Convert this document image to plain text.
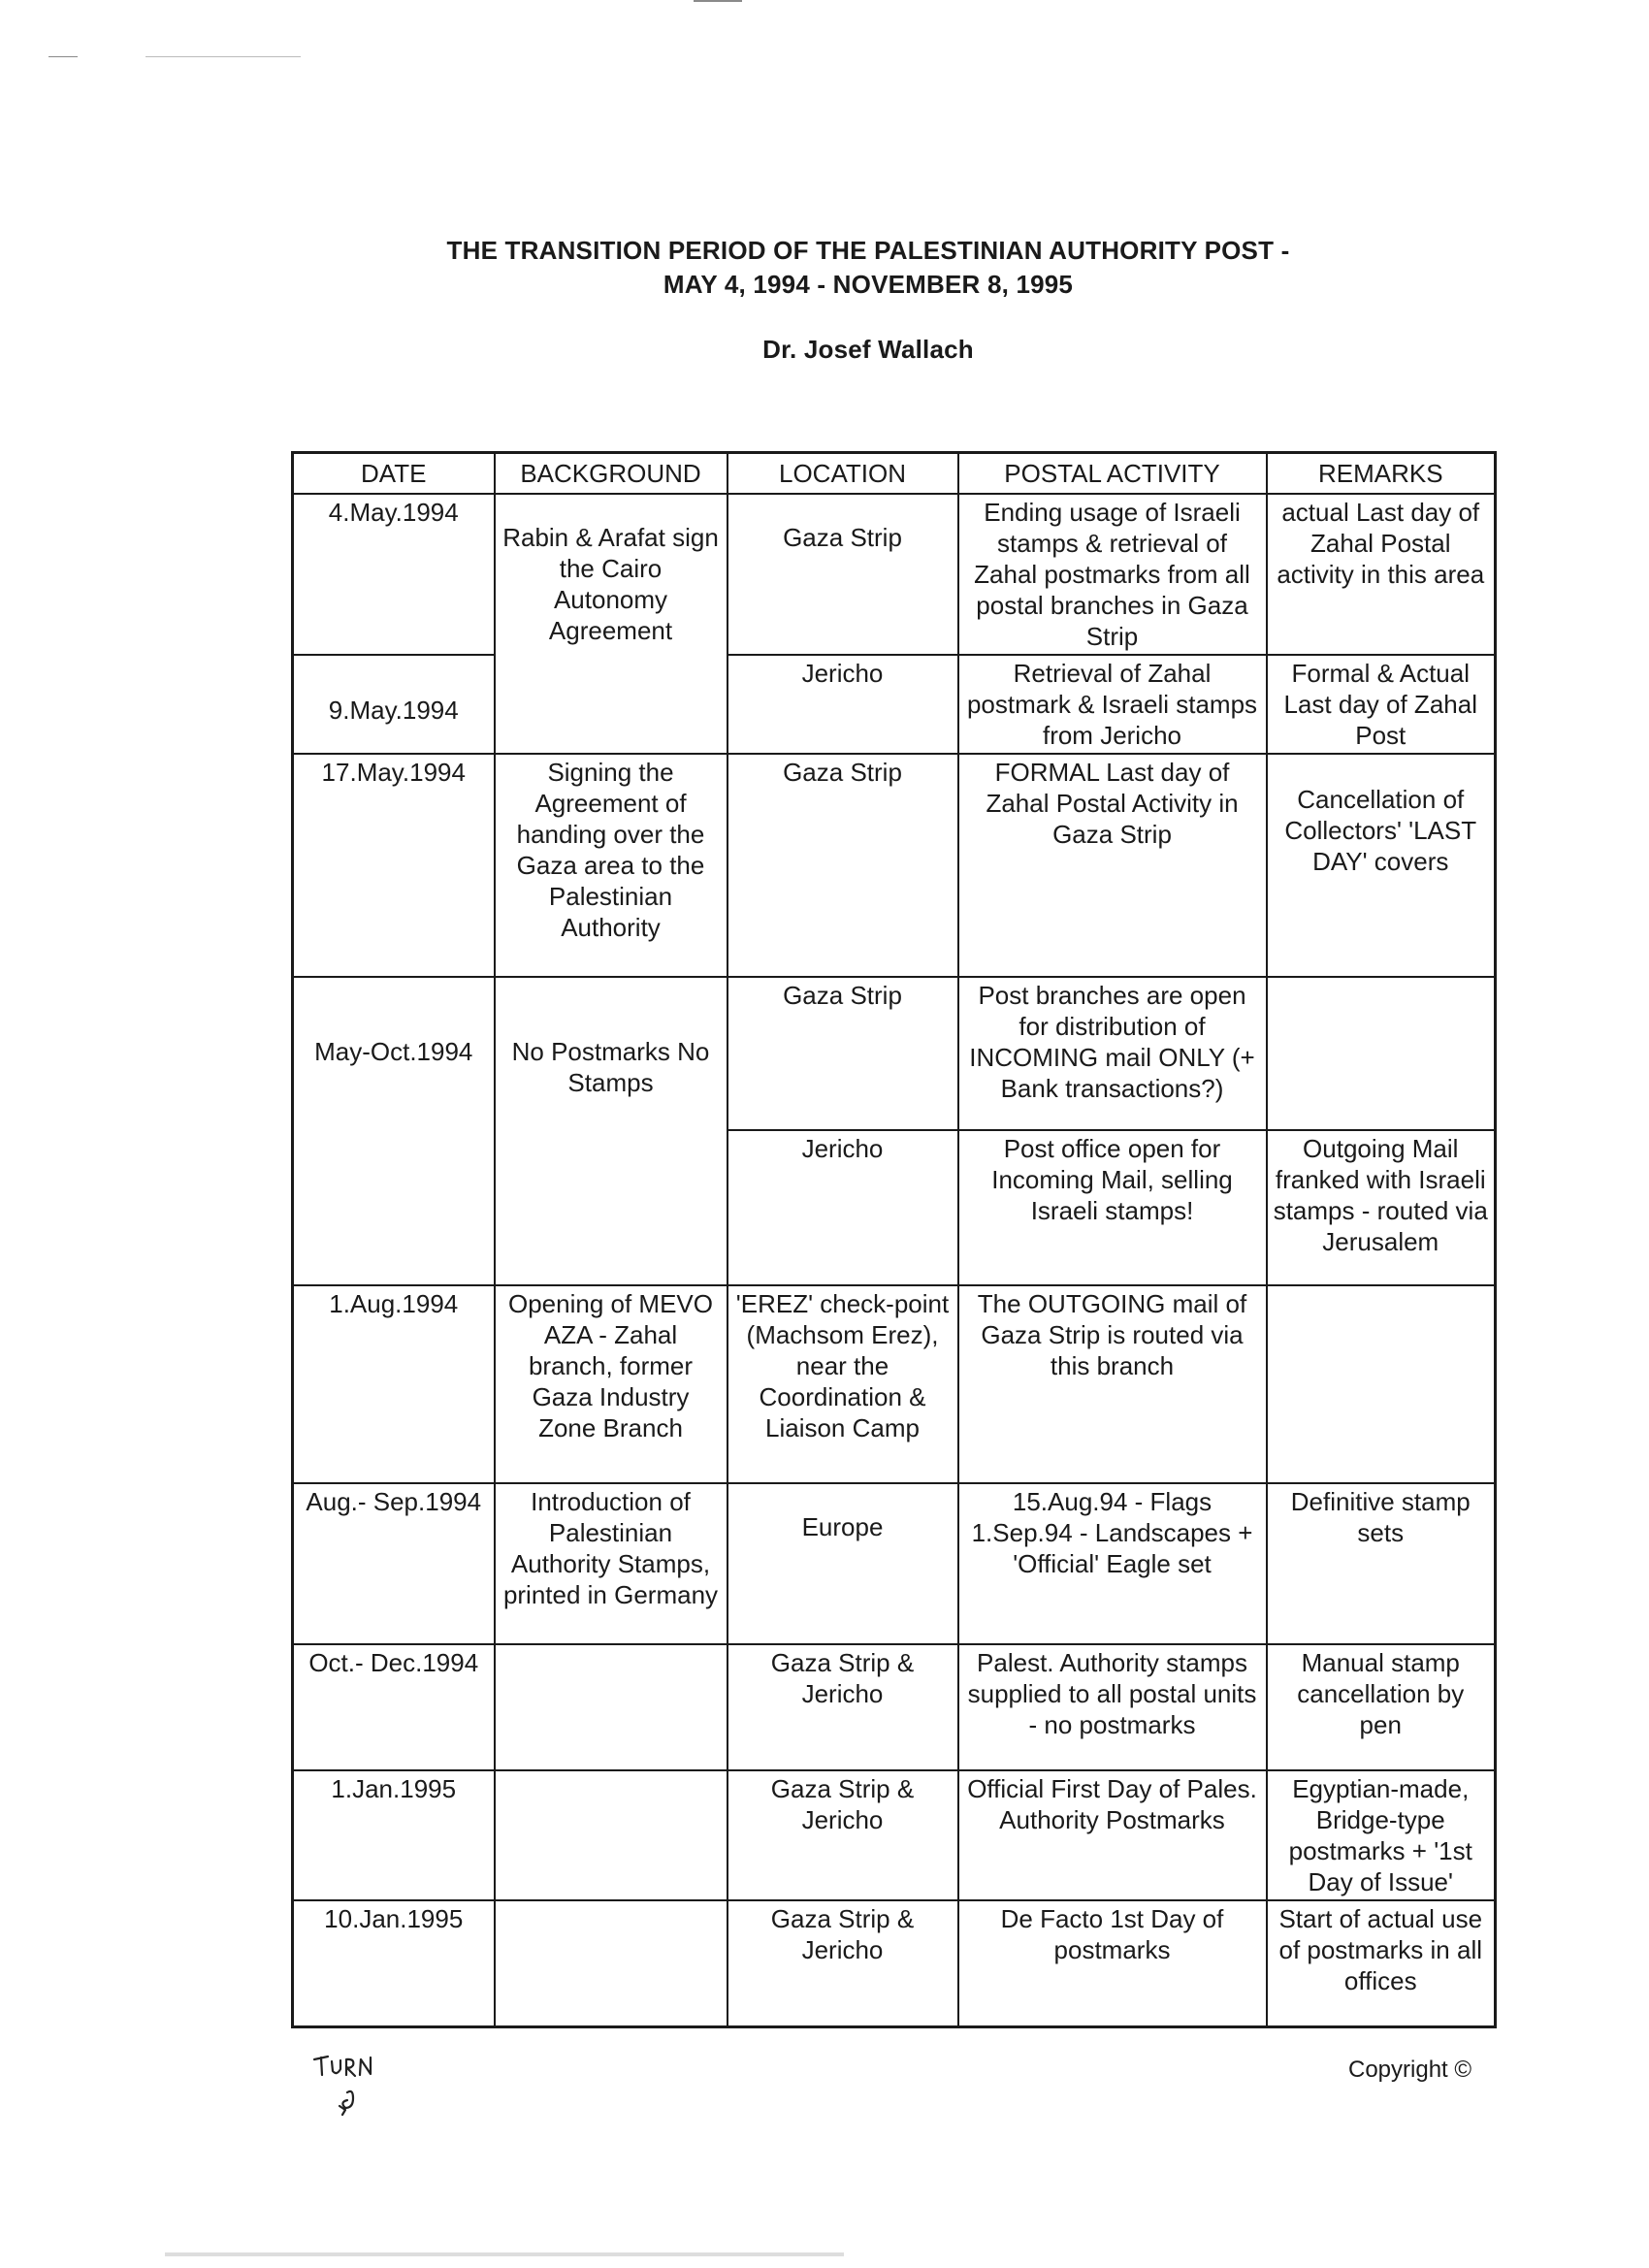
THE TRANSITION PERIOD OF THE PALESTINIAN AUTHORITY POST -
MAY 4, 1994 - NOVEMBER 8, 1995
Dr. Josef Wallach
DATE	BACKGROUND	LOCATION	POSTAL ACTIVITY	REMARKS
4.May.1994	Rabin & Arafat sign the Cairo Autonomy Agreement	Gaza Strip	Ending usage of Israeli stamps & retrieval of Zahal postmarks from all postal branches in Gaza Strip	actual Last day of Zahal Postal activity in this area
9.May.1994		Jericho	Retrieval of Zahal postmark & Israeli stamps from Jericho	Formal & Actual Last day of Zahal Post
17.May.1994	Signing the Agreement of handing over the Gaza area to the Palestinian Authority	Gaza Strip	FORMAL Last day of Zahal Postal Activity in Gaza Strip	Cancellation of Collectors' 'LAST DAY' covers
May-Oct.1994	No Postmarks No Stamps	Gaza Strip	Post branches are open for distribution of INCOMING mail ONLY (+ Bank transactions?)	
		Jericho	Post office open for Incoming Mail, selling Israeli stamps!	Outgoing Mail franked with Israeli stamps - routed via Jerusalem
1.Aug.1994	Opening of MEVO AZA - Zahal branch, former Gaza Industry Zone Branch	'EREZ' check-point (Machsom Erez), near the Coordination & Liaison Camp	The OUTGOING mail of Gaza Strip is routed via this branch	
Aug.- Sep.1994	Introduction of Palestinian Authority Stamps, printed in Germany	Europe	15.Aug.94 - Flags 1.Sep.94 - Landscapes + 'Official' Eagle set	Definitive stamp sets
Oct.- Dec.1994		Gaza Strip & Jericho	Palest. Authority stamps supplied to all postal units - no postmarks	Manual stamp cancellation by pen
1.Jan.1995		Gaza Strip & Jericho	Official First Day of Pales. Authority Postmarks	Egyptian-made, Bridge-type postmarks + '1st Day of Issue'
10.Jan.1995		Gaza Strip & Jericho	De Facto 1st Day of postmarks	Start of actual use of postmarks in all offices
Copyright ©
